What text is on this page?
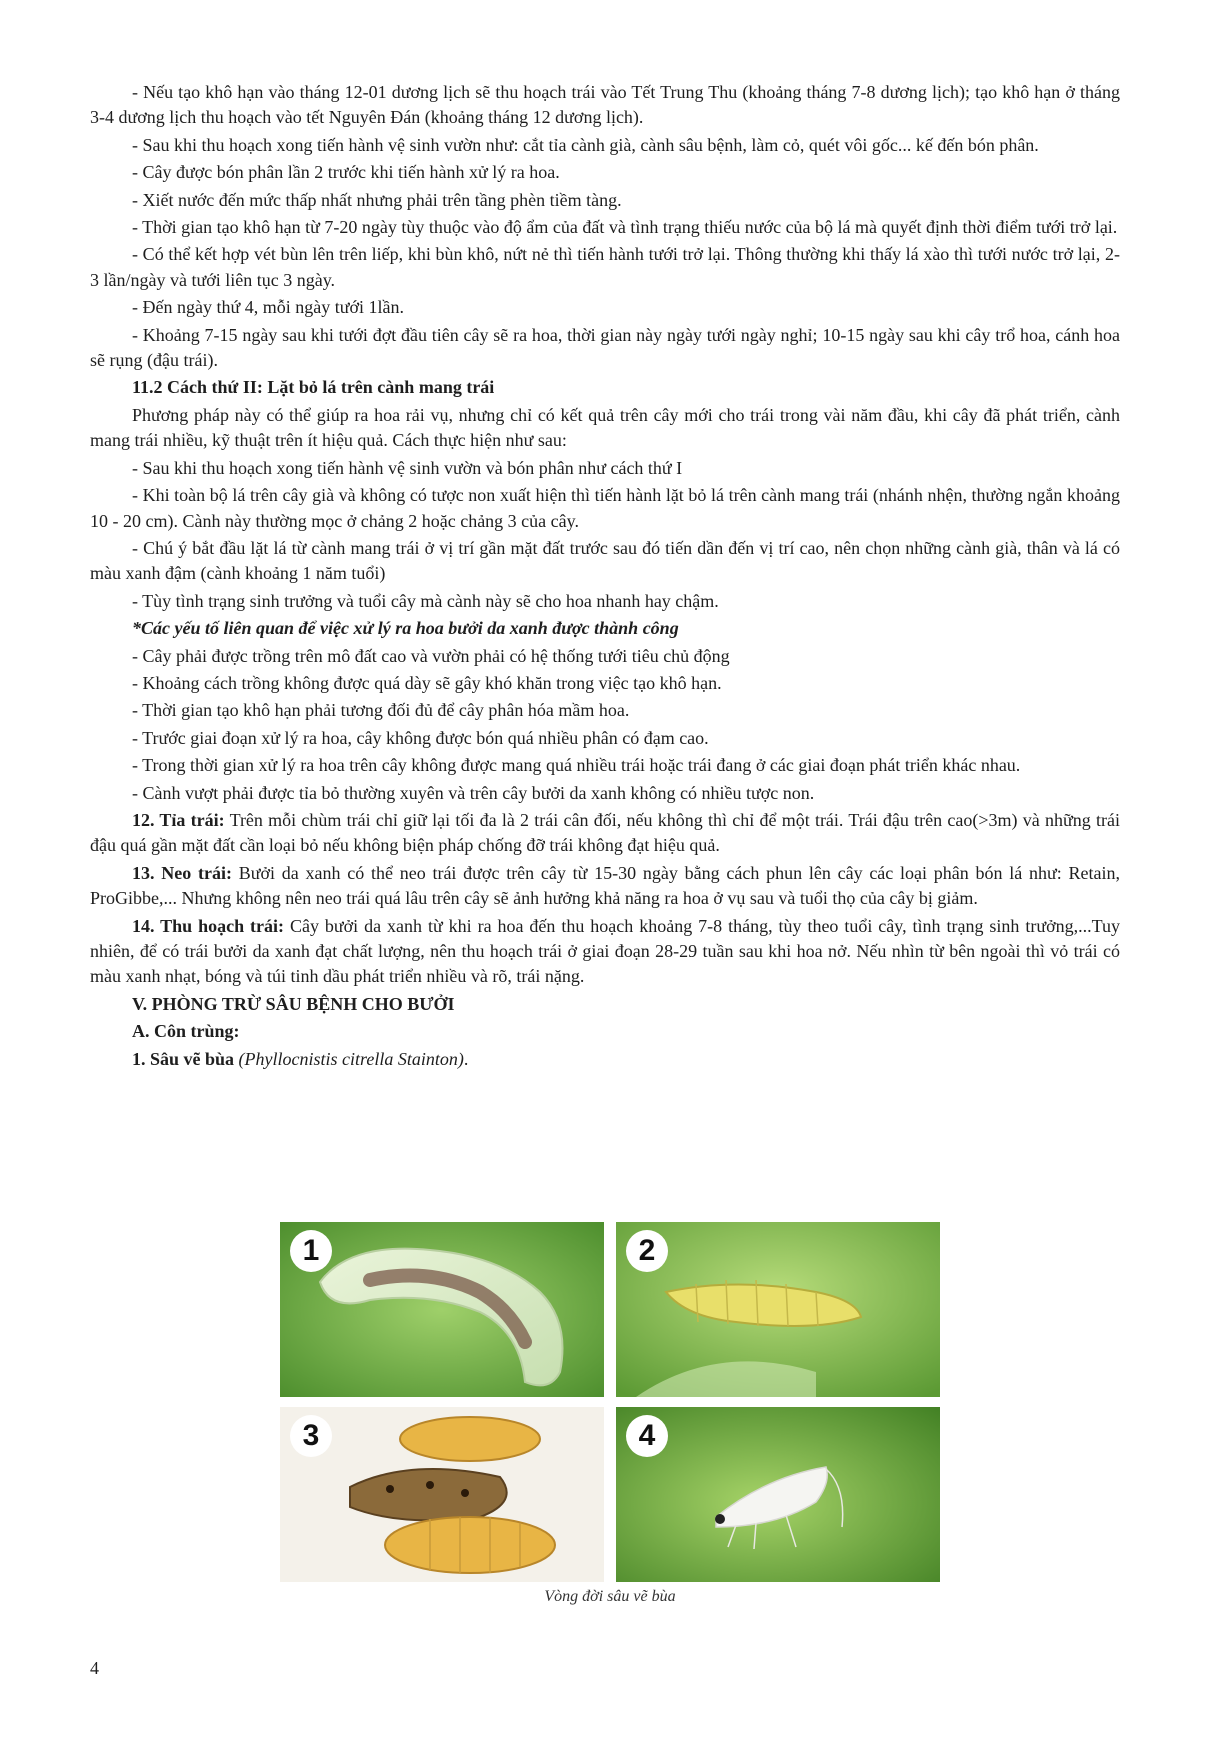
- Nếu tạo khô hạn vào tháng 12-01 dương lịch sẽ thu hoạch trái vào Tết Trung Thu (khoảng tháng 7-8 dương lịch); tạo khô hạn ở tháng 3-4 dương lịch thu hoạch vào tết Nguyên Đán (khoảng tháng 12 dương lịch).

- Sau khi thu hoạch xong tiến hành vệ sinh vườn như: cắt tỉa cành già, cành sâu bệnh, làm cỏ, quét vôi gốc... kế đến bón phân.

- Cây được bón phân lần 2 trước khi tiến hành xử lý ra hoa.

- Xiết nước đến mức thấp nhất nhưng phải trên tầng phèn tiềm tàng.

- Thời gian tạo khô hạn từ 7-20 ngày tùy thuộc vào độ ẩm của đất và tình trạng thiếu nước của bộ lá mà quyết định thời điểm tưới trở lại.

- Có thể kết hợp vét bùn lên trên liếp, khi bùn khô, nứt nẻ thì tiến hành tưới trở lại. Thông thường khi thấy lá xào thì tưới nước trở lại, 2-3 lần/ngày và tưới liên tục 3 ngày.

- Đến ngày thứ 4, mỗi ngày tưới 1lần.

- Khoảng 7-15 ngày sau khi tưới đợt đầu tiên cây sẽ ra hoa, thời gian này ngày tưới ngày nghỉ; 10-15 ngày sau khi cây trổ hoa, cánh hoa sẽ rụng (đậu trái).

11.2 Cách thứ II: Lặt bỏ lá trên cành mang trái

Phương pháp này có thể giúp ra hoa rải vụ, nhưng chỉ có kết quả trên cây mới cho trái trong vài năm đầu, khi cây đã phát triển, cành mang trái nhiều, kỹ thuật trên ít hiệu quả. Cách thực hiện như sau:

- Sau khi thu hoạch xong tiến hành vệ sinh vườn và bón phân như cách thứ I

- Khi toàn bộ lá trên cây già và không có tược non xuất hiện thì tiến hành lặt bỏ lá trên cành mang trái (nhánh nhện, thường ngắn khoảng 10 - 20 cm). Cành này thường mọc ở chảng 2 hoặc chảng 3 của cây.

- Chú ý bắt đầu lặt lá từ cành mang trái ở vị trí gần mặt đất trước sau đó tiến dần đến vị trí cao, nên chọn những cành già, thân và lá có màu xanh đậm (cành khoảng 1 năm tuổi)

- Tùy tình trạng sinh trưởng và tuổi cây mà cành này sẽ cho hoa nhanh hay chậm.

*Các yếu tố liên quan để việc xử lý ra hoa bưởi da xanh được thành công

- Cây phải được trồng trên mô đất cao và vườn phải có hệ thống tưới tiêu chủ động

- Khoảng cách trồng không được quá dày sẽ gây khó khăn trong việc tạo khô hạn.

- Thời gian tạo khô hạn phải tương đối đủ để cây phân hóa mầm hoa.

- Trước giai đoạn xử lý ra hoa, cây không được bón quá nhiều phân có đạm cao.

- Trong thời gian xử lý ra hoa trên cây không được mang quá nhiều trái hoặc trái đang ở các giai đoạn phát triển khác nhau.

- Cành vượt phải được tỉa bỏ thường xuyên và trên cây bưởi da xanh không có nhiều tược non.

12. Tỉa trái: Trên mỗi chùm trái chỉ giữ lại tối đa là 2 trái cân đối, nếu không thì chỉ để một trái. Trái đậu trên cao(>3m) và những trái đậu quá gần mặt đất cần loại bỏ nếu không biện pháp chống đỡ trái không đạt hiệu quả.

13. Neo trái: Bưởi da xanh có thể neo trái được trên cây từ 15-30 ngày bằng cách phun lên cây các loại phân bón lá như: Retain, ProGibbe,... Nhưng không nên neo trái quá lâu trên cây sẽ ảnh hưởng khả năng ra hoa ở vụ sau và tuổi thọ của cây bị giảm.

14. Thu hoạch trái: Cây bưởi da xanh từ khi ra hoa đến thu hoạch khoảng 7-8 tháng, tùy theo tuổi cây, tình trạng sinh trưởng,...Tuy nhiên, để có trái bưởi da xanh đạt chất lượng, nên thu hoạch trái ở giai đoạn 28-29 tuần sau khi hoa nở. Nếu nhìn từ bên ngoài thì vỏ trái có màu xanh nhạt, bóng và túi tinh dầu phát triển nhiều và rõ, trái nặng.

V. PHÒNG TRỪ SÂU BỆNH CHO BƯỞI

A. Côn trùng:

1. Sâu vẽ bùa (Phyllocnistis citrella Stainton).

1	2
3	4
Vòng đời sâu vẽ bùa
4
